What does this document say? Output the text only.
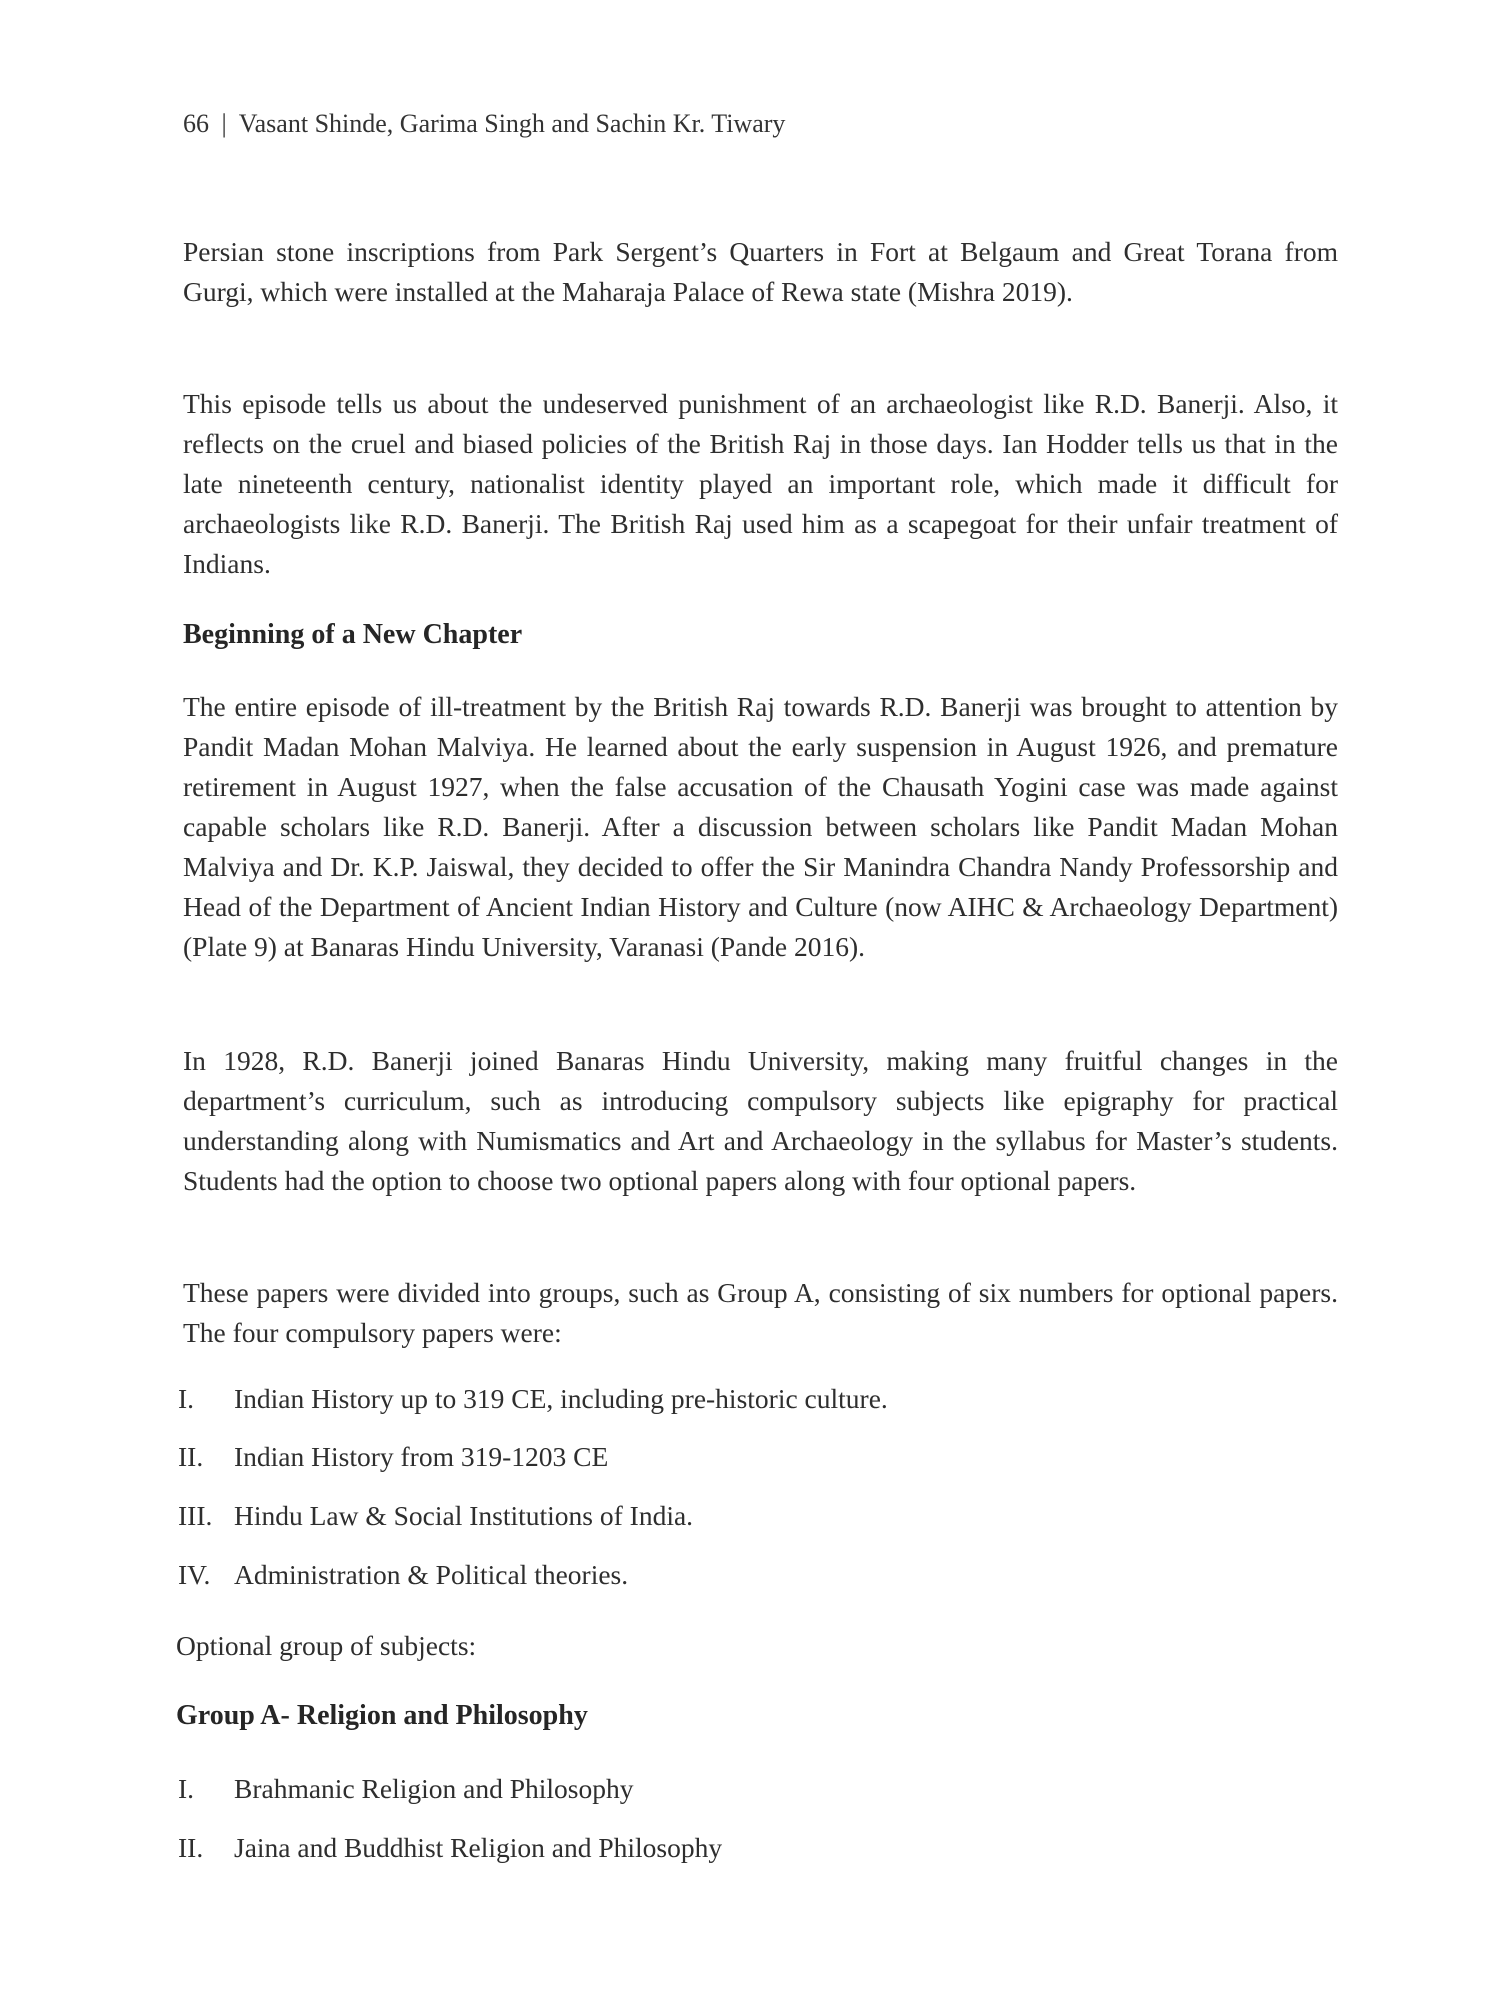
66 | Vasant Shinde, Garima Singh and Sachin Kr. Tiwary

Persian stone inscriptions from Park Sergent’s Quarters in Fort at Belgaum and Great Torana from Gurgi, which were installed at the Maharaja Palace of Rewa state (Mishra 2019).

This episode tells us about the undeserved punishment of an archaeologist like R.D. Banerji. Also, it reflects on the cruel and biased policies of the British Raj in those days. Ian Hodder tells us that in the late nineteenth century, nationalist identity played an important role, which made it difficult for archaeologists like R.D. Banerji. The British Raj used him as a scapegoat for their unfair treatment of Indians.

Beginning of a New Chapter

The entire episode of ill-treatment by the British Raj towards R.D. Banerji was brought to attention by Pandit Madan Mohan Malviya. He learned about the early suspension in August 1926, and premature retirement in August 1927, when the false accusation of the Chausath Yogini case was made against capable scholars like R.D. Banerji. After a discussion between scholars like Pandit Madan Mohan Malviya and Dr. K.P. Jaiswal, they decided to offer the Sir Manindra Chandra Nandy Professorship and Head of the Department of Ancient Indian History and Culture (now AIHC & Archaeology Department) (Plate 9) at Banaras Hindu University, Varanasi (Pande 2016).

In 1928, R.D. Banerji joined Banaras Hindu University, making many fruitful changes in the department’s curriculum, such as introducing compulsory subjects like epigraphy for practical understanding along with Numismatics and Art and Archaeology in the syllabus for Master’s students. Students had the option to choose two optional papers along with four optional papers.

These papers were divided into groups, such as Group A, consisting of six numbers for optional papers. The four compulsory papers were:

I. Indian History up to 319 CE, including pre-historic culture.
II. Indian History from 319-1203 CE
III. Hindu Law & Social Institutions of India.
IV. Administration & Political theories.
Optional group of subjects:
Group A- Religion and Philosophy
I. Brahmanic Religion and Philosophy
II. Jaina and Buddhist Religion and Philosophy
